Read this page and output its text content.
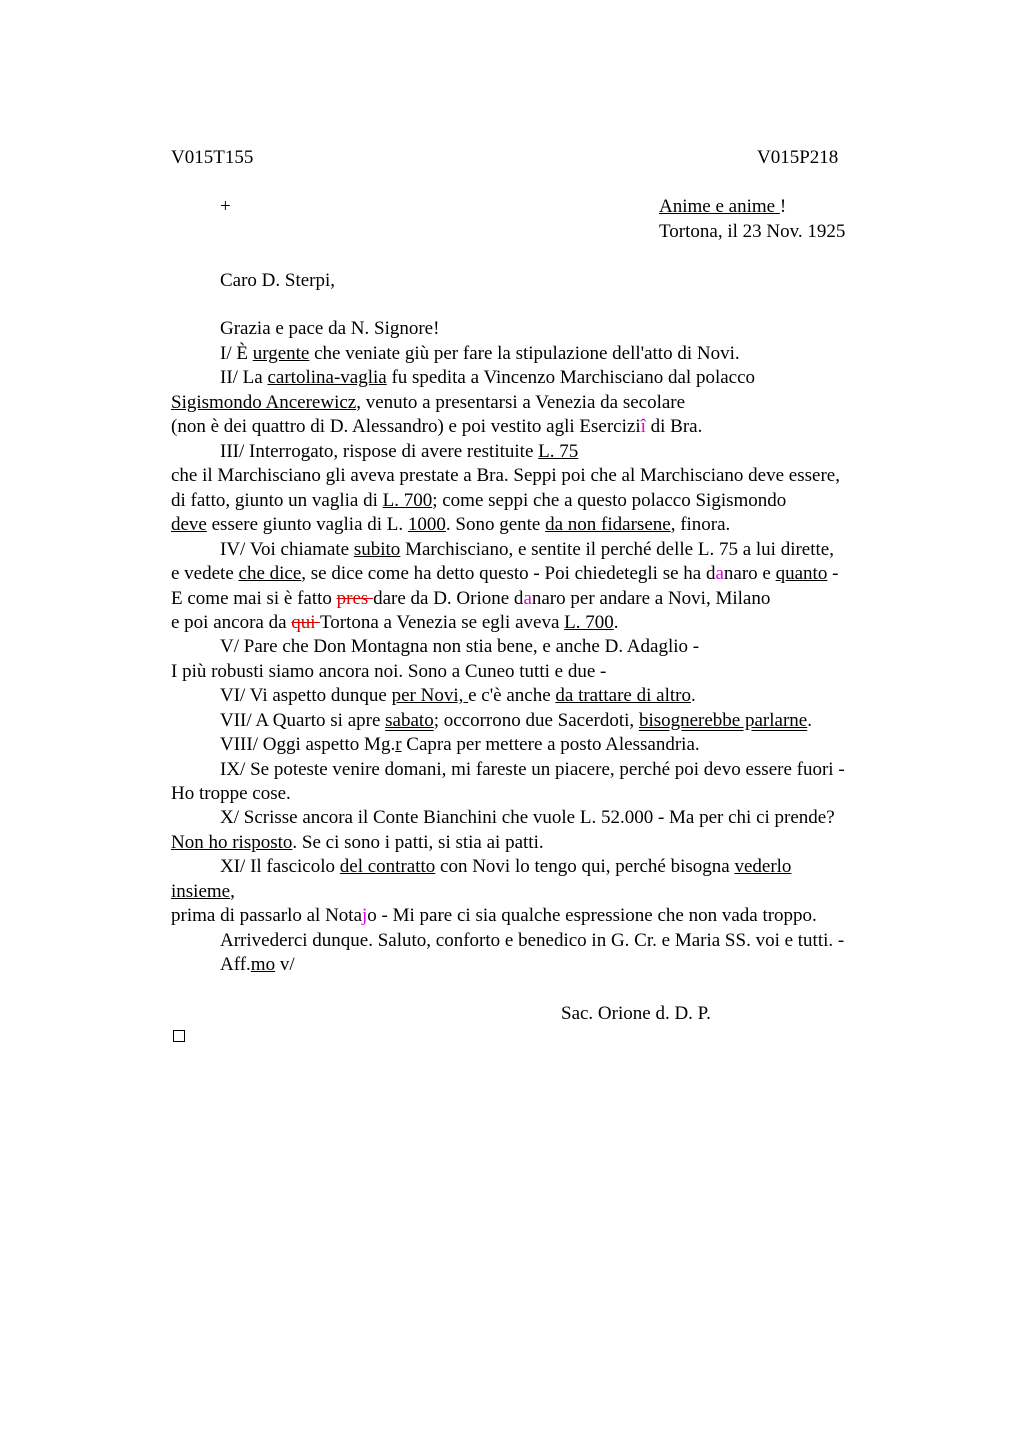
V015T155	V015P218
+	Anime e anime !
Tortona, il 23 Nov. 1925
Caro D. Sterpi,
Grazia e pace da N. Signore!
I/ È urgente che veniate giù per fare la stipulazione dell'atto di Novi.
II/ La cartolina-vaglia fu spedita a Vincenzo Marchisciano dal polacco
Sigismondo Ancerewicz, venuto a presentarsi a Venezia da secolare
(non è dei quattro di D. Alessandro) e poi vestito agli Eserciziî di Bra.
III/ Interrogato, rispose di avere restituite L. 75
che il Marchisciano gli aveva prestate a Bra. Seppi poi che al Marchisciano deve essere,
di fatto, giunto un vaglia di L. 700; come seppi che a questo polacco Sigismondo
deve essere giunto vaglia di L. 1000. Sono gente da non fidarsene, finora.
IV/ Voi chiamate subito Marchisciano, e sentite il perché delle L. 75 a lui dirette,
e vedete che dice, se dice come ha detto questo - Poi chiedetegli se ha danaro e quanto -
E come mai si è fatto pres dare da D. Orione danaro per andare a Novi, Milano
e poi ancora da qui Tortona a Venezia se egli aveva L. 700.
V/ Pare che Don Montagna non stia bene, e anche D. Adaglio -
I più robusti siamo ancora noi. Sono a Cuneo tutti e due -
VI/ Vi aspetto dunque per Novi, e c'è anche da trattare di altro.
VII/ A Quarto si apre sabato; occorrono due Sacerdoti, bisognerebbe parlarne.
VIII/ Oggi aspetto Mg.r Capra per mettere a posto Alessandria.
IX/ Se poteste venire domani, mi fareste un piacere, perché poi devo essere fuori -
Ho troppe cose.
X/ Scrisse ancora il Conte Bianchini che vuole L. 52.000 - Ma per chi ci prende?
Non ho risposto. Se ci sono i patti, si stia ai patti.
XI/ Il fascicolo del contratto con Novi lo tengo qui, perché bisogna vederlo
insieme,
prima di passarlo al Notajo - Mi pare ci sia qualche espressione che non vada troppo.
Arrivederci dunque. Saluto, conforto e benedico in G. Cr. e Maria SS. voi e tutti. -
Aff.mo v/
Sac. Orione d. D. P.
